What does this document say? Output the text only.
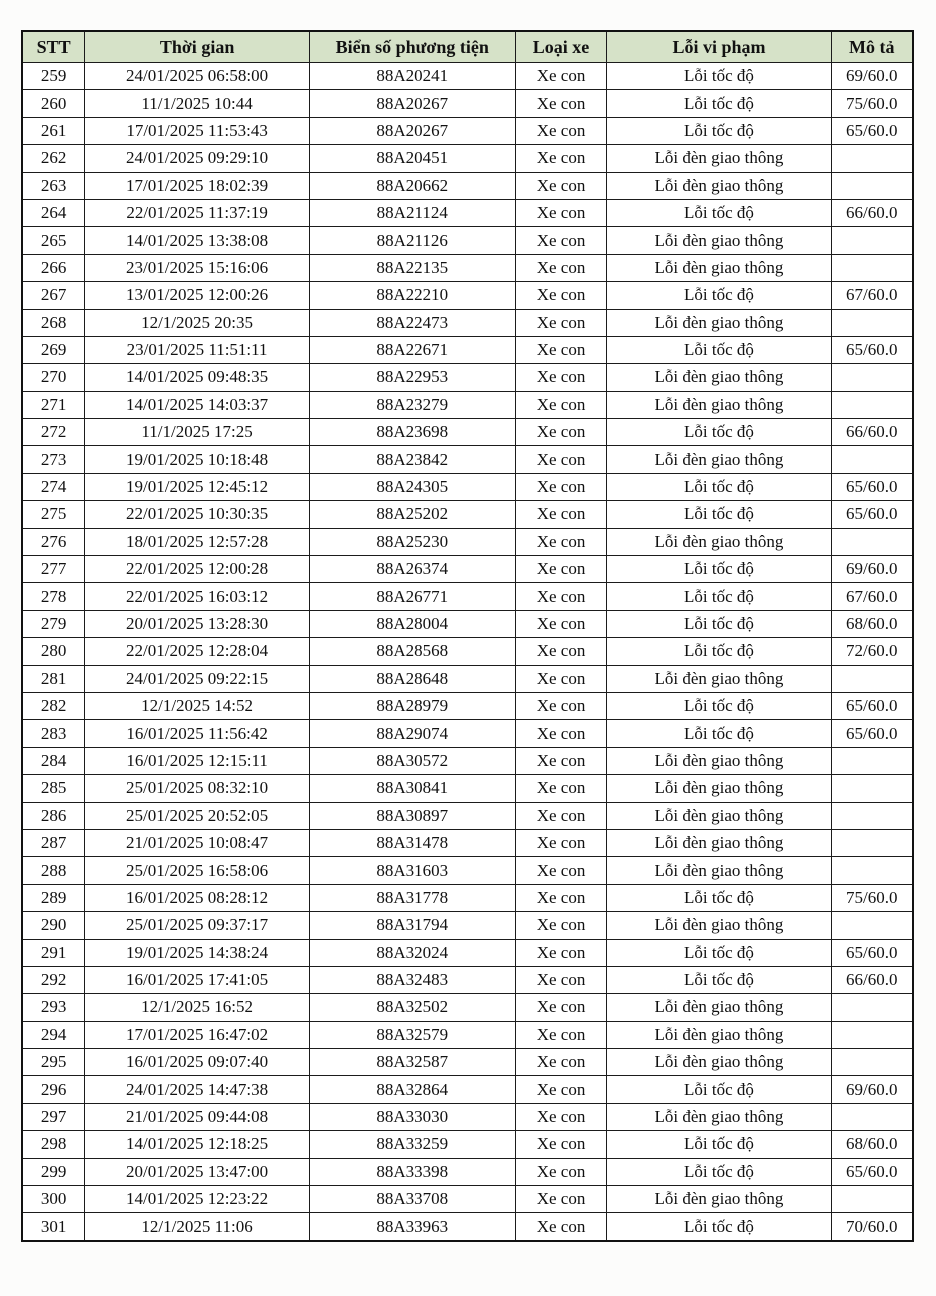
STT	Thời gian	Biển số phương tiện	Loại xe	Lỗi vi phạm	Mô tả
259	24/01/2025 06:58:00	88A20241	Xe con	Lỗi tốc độ	69/60.0
260	11/1/2025 10:44	88A20267	Xe con	Lỗi tốc độ	75/60.0
261	17/01/2025 11:53:43	88A20267	Xe con	Lỗi tốc độ	65/60.0
262	24/01/2025 09:29:10	88A20451	Xe con	Lỗi đèn giao thông	
263	17/01/2025 18:02:39	88A20662	Xe con	Lỗi đèn giao thông	
264	22/01/2025 11:37:19	88A21124	Xe con	Lỗi tốc độ	66/60.0
265	14/01/2025 13:38:08	88A21126	Xe con	Lỗi đèn giao thông	
266	23/01/2025 15:16:06	88A22135	Xe con	Lỗi đèn giao thông	
267	13/01/2025 12:00:26	88A22210	Xe con	Lỗi tốc độ	67/60.0
268	12/1/2025 20:35	88A22473	Xe con	Lỗi đèn giao thông	
269	23/01/2025 11:51:11	88A22671	Xe con	Lỗi tốc độ	65/60.0
270	14/01/2025 09:48:35	88A22953	Xe con	Lỗi đèn giao thông	
271	14/01/2025 14:03:37	88A23279	Xe con	Lỗi đèn giao thông	
272	11/1/2025 17:25	88A23698	Xe con	Lỗi tốc độ	66/60.0
273	19/01/2025 10:18:48	88A23842	Xe con	Lỗi đèn giao thông	
274	19/01/2025 12:45:12	88A24305	Xe con	Lỗi tốc độ	65/60.0
275	22/01/2025 10:30:35	88A25202	Xe con	Lỗi tốc độ	65/60.0
276	18/01/2025 12:57:28	88A25230	Xe con	Lỗi đèn giao thông	
277	22/01/2025 12:00:28	88A26374	Xe con	Lỗi tốc độ	69/60.0
278	22/01/2025 16:03:12	88A26771	Xe con	Lỗi tốc độ	67/60.0
279	20/01/2025 13:28:30	88A28004	Xe con	Lỗi tốc độ	68/60.0
280	22/01/2025 12:28:04	88A28568	Xe con	Lỗi tốc độ	72/60.0
281	24/01/2025 09:22:15	88A28648	Xe con	Lỗi đèn giao thông	
282	12/1/2025 14:52	88A28979	Xe con	Lỗi tốc độ	65/60.0
283	16/01/2025 11:56:42	88A29074	Xe con	Lỗi tốc độ	65/60.0
284	16/01/2025 12:15:11	88A30572	Xe con	Lỗi đèn giao thông	
285	25/01/2025 08:32:10	88A30841	Xe con	Lỗi đèn giao thông	
286	25/01/2025 20:52:05	88A30897	Xe con	Lỗi đèn giao thông	
287	21/01/2025 10:08:47	88A31478	Xe con	Lỗi đèn giao thông	
288	25/01/2025 16:58:06	88A31603	Xe con	Lỗi đèn giao thông	
289	16/01/2025 08:28:12	88A31778	Xe con	Lỗi tốc độ	75/60.0
290	25/01/2025 09:37:17	88A31794	Xe con	Lỗi đèn giao thông	
291	19/01/2025 14:38:24	88A32024	Xe con	Lỗi tốc độ	65/60.0
292	16/01/2025 17:41:05	88A32483	Xe con	Lỗi tốc độ	66/60.0
293	12/1/2025 16:52	88A32502	Xe con	Lỗi đèn giao thông	
294	17/01/2025 16:47:02	88A32579	Xe con	Lỗi đèn giao thông	
295	16/01/2025 09:07:40	88A32587	Xe con	Lỗi đèn giao thông	
296	24/01/2025 14:47:38	88A32864	Xe con	Lỗi tốc độ	69/60.0
297	21/01/2025 09:44:08	88A33030	Xe con	Lỗi đèn giao thông	
298	14/01/2025 12:18:25	88A33259	Xe con	Lỗi tốc độ	68/60.0
299	20/01/2025 13:47:00	88A33398	Xe con	Lỗi tốc độ	65/60.0
300	14/01/2025 12:23:22	88A33708	Xe con	Lỗi đèn giao thông	
301	12/1/2025 11:06	88A33963	Xe con	Lỗi tốc độ	70/60.0
